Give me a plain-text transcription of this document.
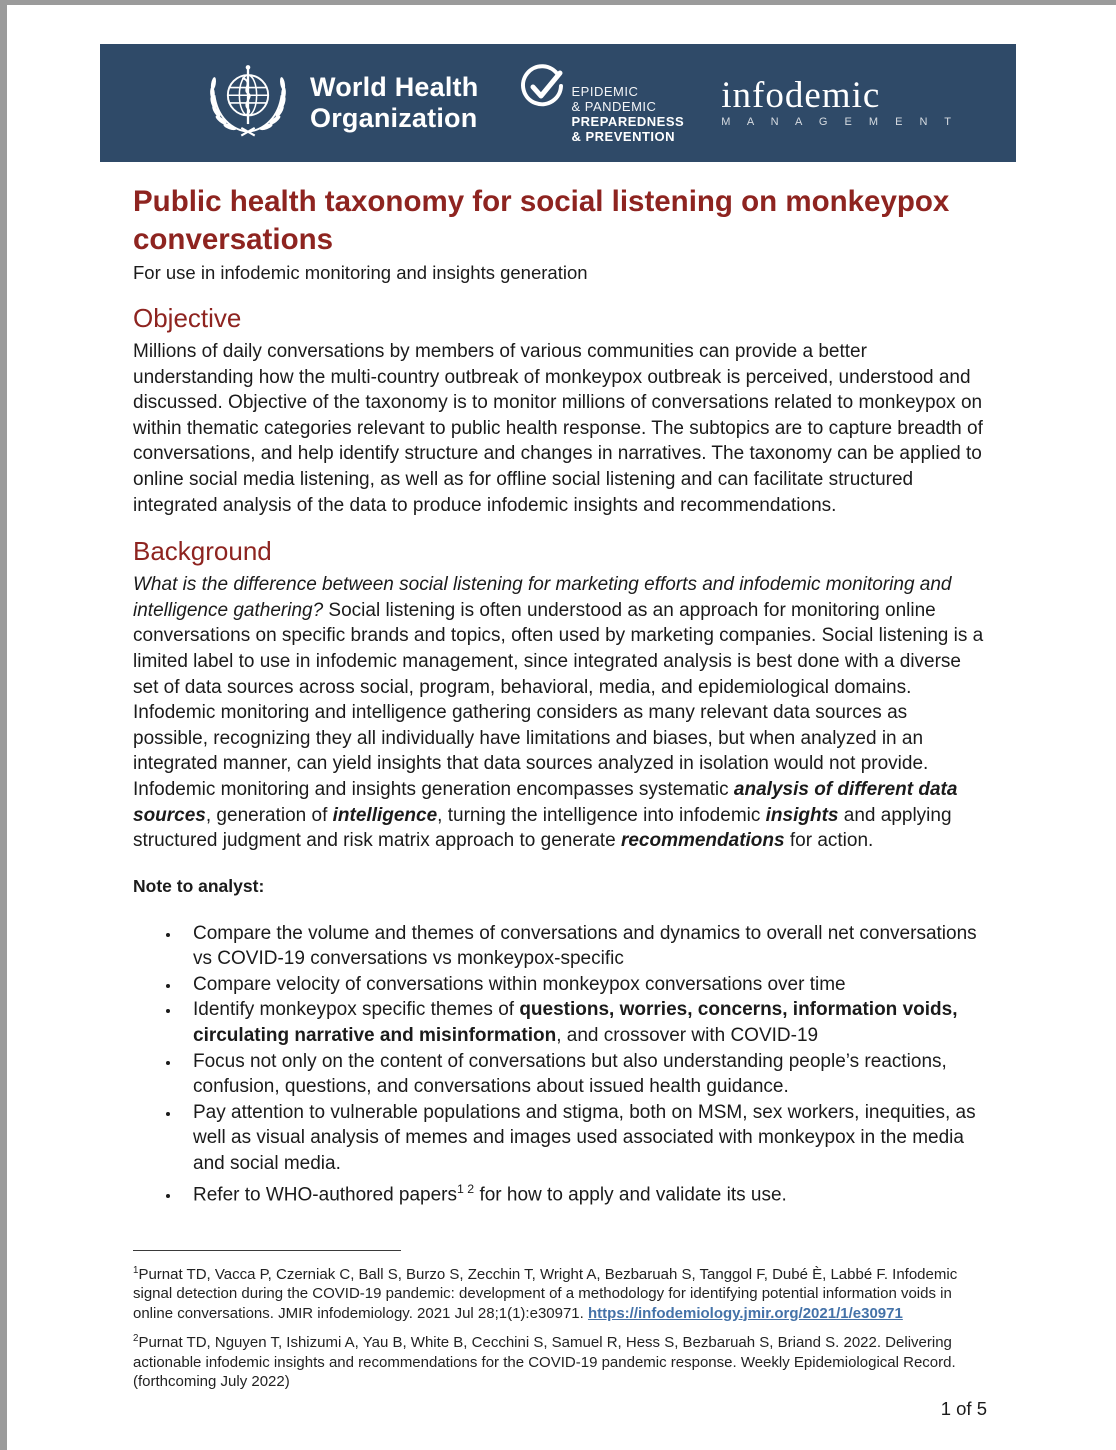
World Health
Organization
EPIDEMIC
& PANDEMIC
PREPAREDNESS
& PREVENTION
infodemic
M A N A G E M E N T
Public health taxonomy for social listening on monkeypox conversations

For use in infodemic monitoring and insights generation

Objective

Millions of daily conversations by members of various communities can provide a better understanding how the multi-country outbreak of monkeypox outbreak is perceived, understood and discussed. Objective of the taxonomy is to monitor millions of conversations related to monkeypox on within thematic categories relevant to public health response. The subtopics are to capture breadth of conversations, and help identify structure and changes in narratives. The taxonomy can be applied to online social media listening, as well as for offline social listening and can facilitate structured integrated analysis of the data to produce infodemic insights and recommendations.

Background

What is the difference between social listening for marketing efforts and infodemic monitoring and intelligence gathering? Social listening is often understood as an approach for monitoring online conversations on specific brands and topics, often used by marketing companies. Social listening is a limited label to use in infodemic management, since integrated analysis is best done with a diverse set of data sources across social, program, behavioral, media, and epidemiological domains. Infodemic monitoring and intelligence gathering considers as many relevant data sources as possible, recognizing they all individually have limitations and biases, but when analyzed in an integrated manner, can yield insights that data sources analyzed in isolation would not provide. Infodemic monitoring and insights generation encompasses systematic analysis of different data sources, generation of intelligence, turning the intelligence into infodemic insights and applying structured judgment and risk matrix approach to generate recommendations for action.

Note to analyst:

• Compare the volume and themes of conversations and dynamics to overall net conversations vs COVID-19 conversations vs monkeypox-specific
• Compare velocity of conversations within monkeypox conversations over time
• Identify monkeypox specific themes of questions, worries, concerns, information voids, circulating narrative and misinformation, and crossover with COVID-19
• Focus not only on the content of conversations but also understanding people’s reactions, confusion, questions, and conversations about issued health guidance.
• Pay attention to vulnerable populations and stigma, both on MSM, sex workers, inequities, as well as visual analysis of memes and images used associated with monkeypox in the media and social media.
• Refer to WHO-authored papers$^{1 2}$ for how to apply and validate its use.

$^1$Purnat TD, Vacca P, Czerniak C, Ball S, Burzo S, Zecchin T, Wright A, Bezbaruah S, Tanggol F, Dubé È, Labbé F. Infodemic signal detection during the COVID-19 pandemic: development of a methodology for identifying potential information voids in online conversations. JMIR infodemiology. 2021 Jul 28;1(1):e30971. https://infodemiology.jmir.org/2021/1/e30971

$^2$Purnat TD, Nguyen T, Ishizumi A, Yau B, White B, Cecchini S, Samuel R, Hess S, Bezbaruah S, Briand S. 2022. Delivering actionable infodemic insights and recommendations for the COVID-19 pandemic response. Weekly Epidemiological Record. (forthcoming July 2022)

1 of 5
